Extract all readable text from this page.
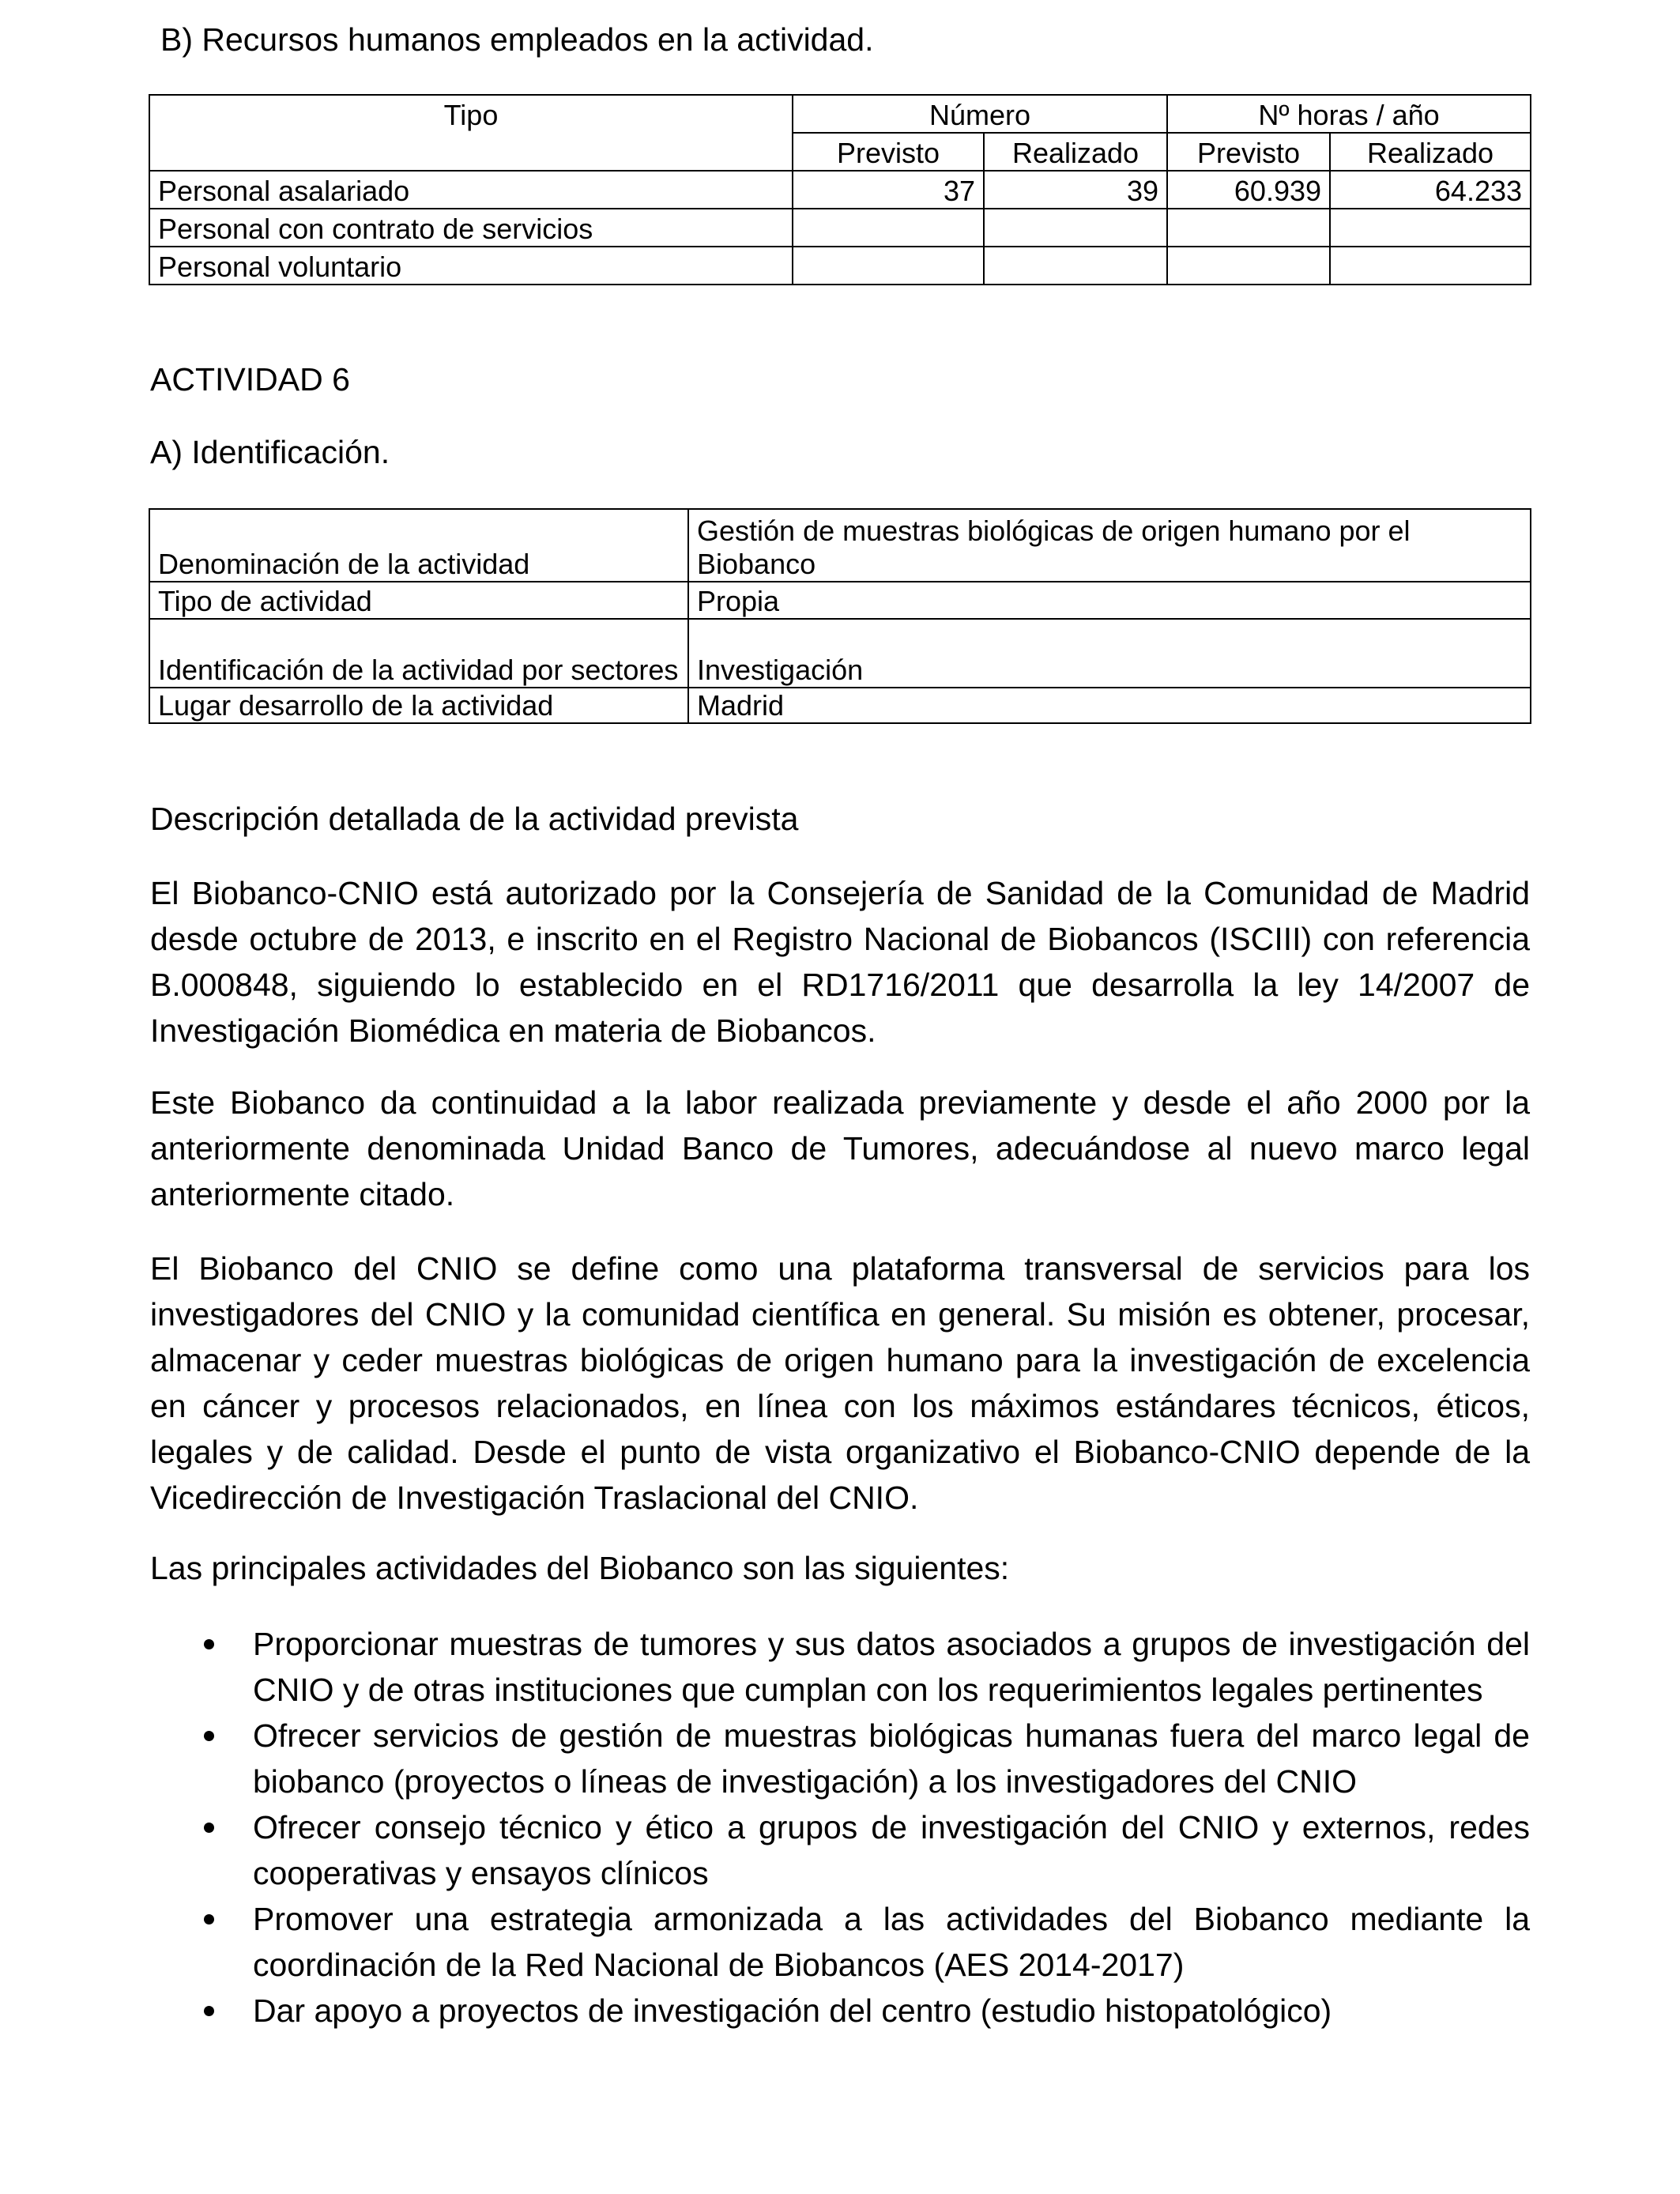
B) Recursos humanos empleados en la actividad.
Tipo	Número		Nº horas / año	
	Previsto	Realizado	Previsto	Realizado
Personal asalariado	37	39	60.939	64.233
Personal con contrato de servicios				
Personal voluntario				
ACTIVIDAD 6
A) Identificación.
Denominación de la actividad	Gestión de muestras biológicas de origen humano por el Biobanco
Tipo de actividad	Propia
Identificación de la actividad por sectores	Investigación
Lugar desarrollo de la actividad	Madrid
Descripción detallada de la actividad prevista

El Biobanco-CNIO está autorizado por la Consejería de Sanidad de la Comunidad de Madrid desde octubre de 2013, e inscrito en el Registro Nacional de Biobancos (ISCIII) con referencia B.000848, siguiendo lo establecido en el RD1716/2011 que desarrolla la ley 14/2007 de Investigación Biomédica en materia de Biobancos.

Este Biobanco da continuidad a la labor realizada previamente y desde el año 2000 por la anteriormente denominada Unidad Banco de Tumores, adecuándose al nuevo marco legal anteriormente citado.

El Biobanco del CNIO se define como una plataforma transversal de servicios para los investigadores del CNIO y la comunidad científica en general. Su misión es obtener, procesar, almacenar y ceder muestras biológicas de origen humano para la investigación de excelencia en cáncer y procesos relacionados, en línea con los máximos estándares técnicos, éticos, legales y de calidad. Desde el punto de vista organizativo el Biobanco-CNIO depende de la Vicedirección de Investigación Traslacional del CNIO.

Las principales actividades del Biobanco son las siguientes:

Proporcionar muestras de tumores y sus datos asociados a grupos de investigación del CNIO y de otras instituciones que cumplan con los requerimientos legales pertinentes
Ofrecer servicios de gestión de muestras biológicas humanas fuera del marco legal de biobanco (proyectos o líneas de investigación) a los investigadores del CNIO
Ofrecer consejo técnico y ético a grupos de investigación del CNIO y externos, redes cooperativas y ensayos clínicos
Promover una estrategia armonizada a las actividades del Biobanco mediante la coordinación de la Red Nacional de Biobancos (AES 2014-2017)
Dar apoyo a proyectos de investigación del centro (estudio histopatológico)
